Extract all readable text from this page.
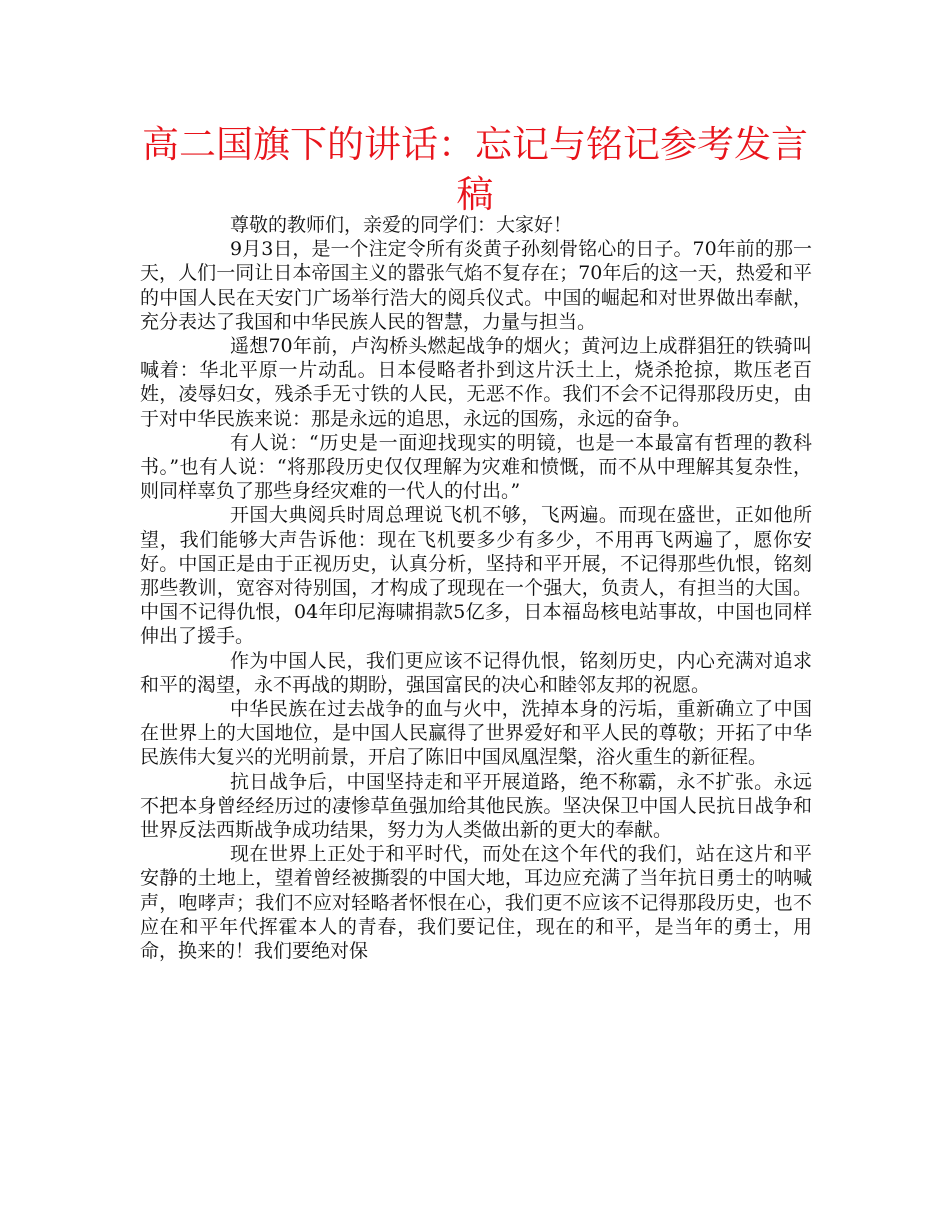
高二国旗下的讲话：忘记与铭记参考发言稿

尊敬的教师们，亲爱的同学们：大家好！

9月3日，是一个注定令所有炎黄子孙刻骨铭心的日子。70年前的那一天，人们一同让日本帝国主义的嚣张气焰不复存在；70年后的这一天，热爱和平的中国人民在天安门广场举行浩大的阅兵仪式。中国的崛起和对世界做出奉献，充分表达了我国和中华民族人民的智慧，力量与担当。

遥想70年前，卢沟桥头燃起战争的烟火；黄河边上成群猖狂的铁骑叫喊着：华北平原一片动乱。日本侵略者扑到这片沃土上，烧杀抢掠，欺压老百姓，凌辱妇女，残杀手无寸铁的人民，无恶不作。我们不会不记得那段历史，由于对中华民族来说：那是永远的追思，永远的国殇，永远的奋争。

有人说：“历史是一面迎找现实的明镜，也是一本最富有哲理的教科书。”也有人说：“将那段历史仅仅理解为灾难和愤慨，而不从中理解其复杂性，则同样辜负了那些身经灾难的一代人的付出。”

开国大典阅兵时周总理说飞机不够，飞两遍。而现在盛世，正如他所望，我们能够大声告诉他：现在飞机要多少有多少，不用再飞两遍了，愿你安好。中国正是由于正视历史，认真分析，坚持和平开展，不记得那些仇恨，铭刻那些教训，宽容对待别国，才构成了现现在一个强大，负责人，有担当的大国。中国不记得仇恨，04年印尼海啸捐款5亿多，日本福岛核电站事故，中国也同样伸出了援手。

作为中国人民，我们更应该不记得仇恨，铭刻历史，内心充满对追求和平的渴望，永不再战的期盼，强国富民的决心和睦邻友邦的祝愿。

中华民族在过去战争的血与火中，洗掉本身的污垢，重新确立了中国在世界上的大国地位，是中国人民赢得了世界爱好和平人民的尊敬；开拓了中华民族伟大复兴的光明前景，开启了陈旧中国凤凰涅槃，浴火重生的新征程。

抗日战争后，中国坚持走和平开展道路，绝不称霸，永不扩张。永远不把本身曾经经历过的凄惨草鱼强加给其他民族。坚决保卫中国人民抗日战争和世界反法西斯战争成功结果，努力为人类做出新的更大的奉献。

现在世界上正处于和平时代，而处在这个年代的我们，站在这片和平安静的土地上，望着曾经被撕裂的中国大地，耳边应充满了当年抗日勇士的呐喊声，咆哮声；我们不应对轻略者怀恨在心，我们更不应该不记得那段历史，也不应在和平年代挥霍本人的青春，我们要记住，现在的和平，是当年的勇士，用命，换来的！我们要绝对保
